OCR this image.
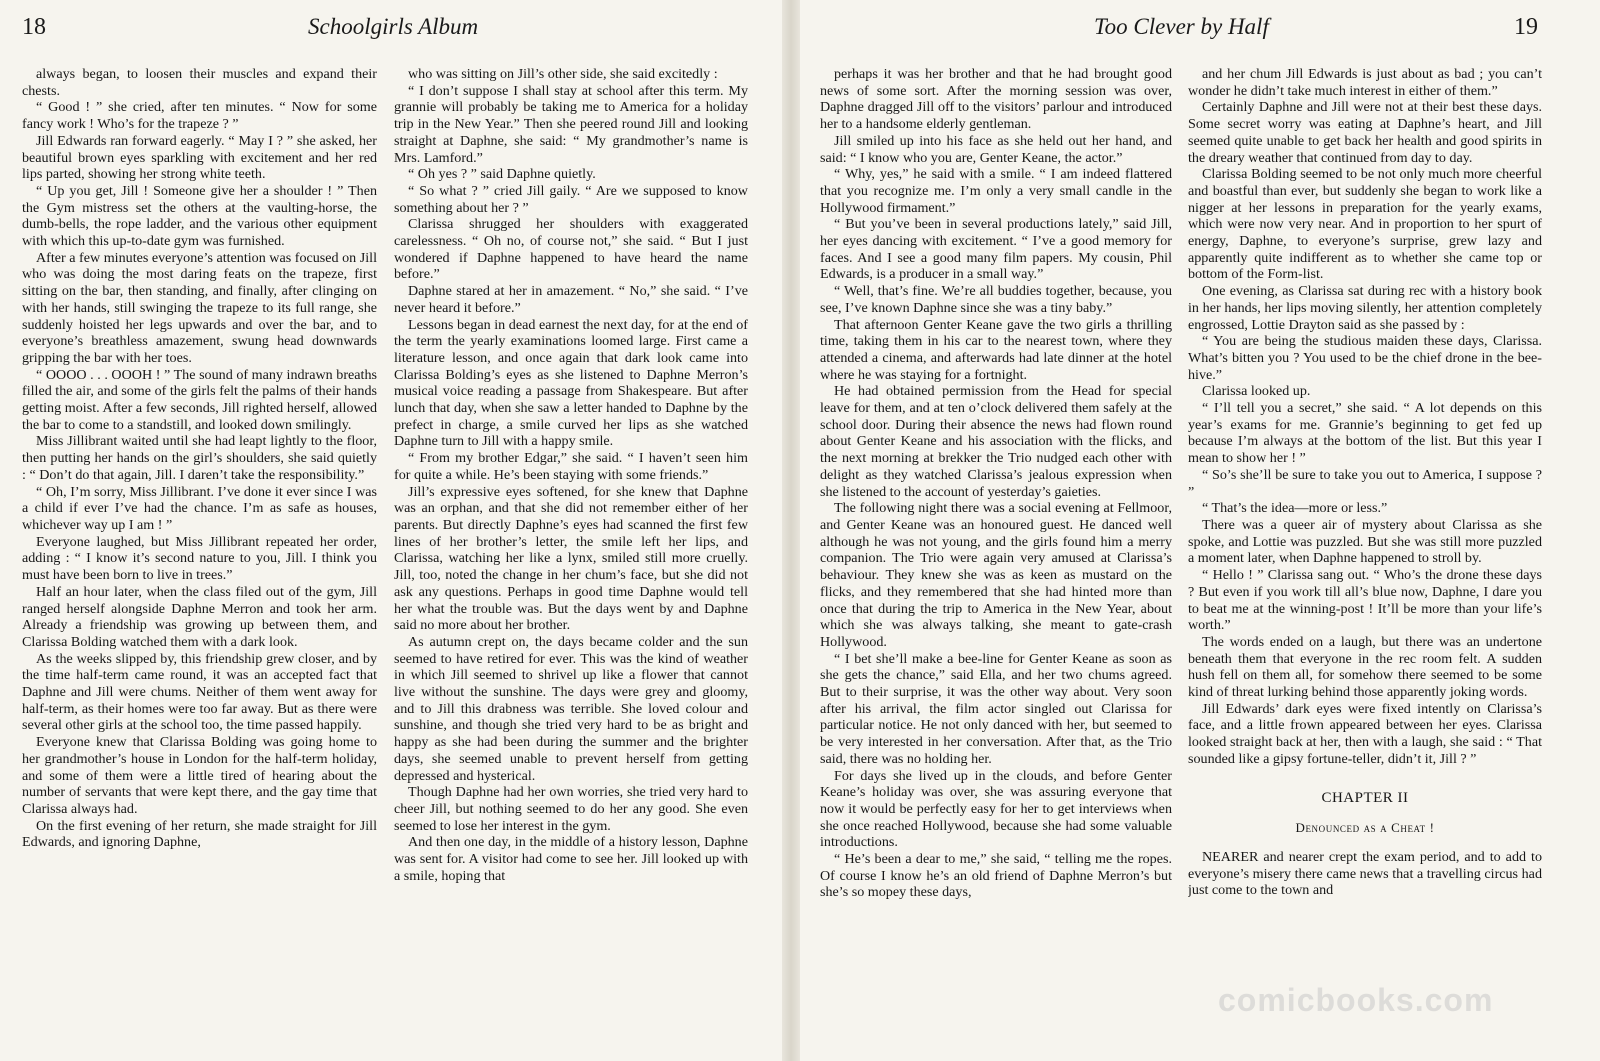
18	Schoolgirls Album

always began, to loosen their muscles and expand their chests.

“ Good ! ” she cried, after ten minutes. “ Now for some fancy work ! Who’s for the trapeze ? ”

Jill Edwards ran forward eagerly. “ May I ? ” she asked, her beautiful brown eyes sparkling with excitement and her red lips parted, showing her strong white teeth.

“ Up you get, Jill ! Someone give her a shoulder ! ” Then the Gym mistress set the others at the vaulting-horse, the dumb-bells, the rope ladder, and the various other equipment with which this up-to-date gym was furnished.

After a few minutes everyone’s attention was focused on Jill who was doing the most daring feats on the trapeze, first sitting on the bar, then standing, and finally, after clinging on with her hands, still swinging the trapeze to its full range, she suddenly hoisted her legs upwards and over the bar, and to everyone’s breathless amazement, swung head downwards gripping the bar with her toes.

“ OOOO . . . OOOH ! ” The sound of many indrawn breaths filled the air, and some of the girls felt the palms of their hands getting moist. After a few seconds, Jill righted herself, allowed the bar to come to a standstill, and looked down smilingly.

Miss Jillibrant waited until she had leapt lightly to the floor, then putting her hands on the girl’s shoulders, she said quietly : “ Don’t do that again, Jill. I daren’t take the responsibility.”

“ Oh, I’m sorry, Miss Jillibrant. I’ve done it ever since I was a child if ever I’ve had the chance. I’m as safe as houses, whichever way up I am ! ”

Everyone laughed, but Miss Jillibrant repeated her order, adding : “ I know it’s second nature to you, Jill. I think you must have been born to live in trees.”

Half an hour later, when the class filed out of the gym, Jill ranged herself alongside Daphne Merron and took her arm. Already a friendship was growing up between them, and Clarissa Bolding watched them with a dark look.

As the weeks slipped by, this friendship grew closer, and by the time half-term came round, it was an accepted fact that Daphne and Jill were chums. Neither of them went away for half-term, as their homes were too far away. But as there were several other girls at the school too, the time passed happily.

Everyone knew that Clarissa Bolding was going home to her grandmother’s house in London for the half-term holiday, and some of them were a little tired of hearing about the number of servants that were kept there, and the gay time that Clarissa always had.

On the first evening of her return, she made straight for Jill Edwards, and ignoring Daphne,

who was sitting on Jill’s other side, she said excitedly :

“ I don’t suppose I shall stay at school after this term. My grannie will probably be taking me to America for a holiday trip in the New Year.” Then she peered round Jill and looking straight at Daphne, she said: “ My grandmother’s name is Mrs. Lamford.”

“ Oh yes ? ” said Daphne quietly.

“ So what ? ” cried Jill gaily. “ Are we supposed to know something about her ? ”

Clarissa shrugged her shoulders with exaggerated carelessness. “ Oh no, of course not,” she said. “ But I just wondered if Daphne happened to have heard the name before.”

Daphne stared at her in amazement. “ No,” she said. “ I’ve never heard it before.”

Lessons began in dead earnest the next day, for at the end of the term the yearly examinations loomed large. First came a literature lesson, and once again that dark look came into Clarissa Bolding’s eyes as she listened to Daphne Merron’s musical voice reading a passage from Shakespeare. But after lunch that day, when she saw a letter handed to Daphne by the prefect in charge, a smile curved her lips as she watched Daphne turn to Jill with a happy smile.

“ From my brother Edgar,” she said. “ I haven’t seen him for quite a while. He’s been staying with some friends.”

Jill’s expressive eyes softened, for she knew that Daphne was an orphan, and that she did not remember either of her parents. But directly Daphne’s eyes had scanned the first few lines of her brother’s letter, the smile left her lips, and Clarissa, watching her like a lynx, smiled still more cruelly. Jill, too, noted the change in her chum’s face, but she did not ask any questions. Perhaps in good time Daphne would tell her what the trouble was. But the days went by and Daphne said no more about her brother.

As autumn crept on, the days became colder and the sun seemed to have retired for ever. This was the kind of weather in which Jill seemed to shrivel up like a flower that cannot live without the sunshine. The days were grey and gloomy, and to Jill this drabness was terrible. She loved colour and sunshine, and though she tried very hard to be as bright and happy as she had been during the summer and the brighter days, she seemed unable to prevent herself from getting depressed and hysterical.

Though Daphne had her own worries, she tried very hard to cheer Jill, but nothing seemed to do her any good. She even seemed to lose her interest in the gym.

And then one day, in the middle of a history lesson, Daphne was sent for. A visitor had come to see her. Jill looked up with a smile, hoping that

Too Clever by Half	19

perhaps it was her brother and that he had brought good news of some sort. After the morning session was over, Daphne dragged Jill off to the visitors’ parlour and introduced her to a handsome elderly gentleman.

Jill smiled up into his face as she held out her hand, and said: “ I know who you are, Genter Keane, the actor.”

“ Why, yes,” he said with a smile. “ I am indeed flattered that you recognize me. I’m only a very small candle in the Hollywood firmament.”

“ But you’ve been in several productions lately,” said Jill, her eyes dancing with excitement. “ I’ve a good memory for faces. And I see a good many film papers. My cousin, Phil Edwards, is a producer in a small way.”

“ Well, that’s fine. We’re all buddies together, because, you see, I’ve known Daphne since she was a tiny baby.”

That afternoon Genter Keane gave the two girls a thrilling time, taking them in his car to the nearest town, where they attended a cinema, and afterwards had late dinner at the hotel where he was staying for a fortnight.

He had obtained permission from the Head for special leave for them, and at ten o’clock delivered them safely at the school door. During their absence the news had flown round about Genter Keane and his association with the flicks, and the next morning at brekker the Trio nudged each other with delight as they watched Clarissa’s jealous expression when she listened to the account of yesterday’s gaieties.

The following night there was a social evening at Fellmoor, and Genter Keane was an honoured guest. He danced well although he was not young, and the girls found him a merry companion. The Trio were again very amused at Clarissa’s behaviour. They knew she was as keen as mustard on the flicks, and they remembered that she had hinted more than once that during the trip to America in the New Year, about which she was always talking, she meant to gate-crash Hollywood.

“ I bet she’ll make a bee-line for Genter Keane as soon as she gets the chance,” said Ella, and her two chums agreed. But to their surprise, it was the other way about. Very soon after his arrival, the film actor singled out Clarissa for particular notice. He not only danced with her, but seemed to be very interested in her conversation. After that, as the Trio said, there was no holding her.

For days she lived up in the clouds, and before Genter Keane’s holiday was over, she was assuring everyone that now it would be perfectly easy for her to get interviews when she once reached Hollywood, because she had some valuable introductions.

“ He’s been a dear to me,” she said, “ telling me the ropes. Of course I know he’s an old friend of Daphne Merron’s but she’s so mopey these days,

and her chum Jill Edwards is just about as bad ; you can’t wonder he didn’t take much interest in either of them.”

Certainly Daphne and Jill were not at their best these days. Some secret worry was eating at Daphne’s heart, and Jill seemed quite unable to get back her health and good spirits in the dreary weather that continued from day to day.

Clarissa Bolding seemed to be not only much more cheerful and boastful than ever, but suddenly she began to work like a nigger at her lessons in preparation for the yearly exams, which were now very near. And in proportion to her spurt of energy, Daphne, to everyone’s surprise, grew lazy and apparently quite indifferent as to whether she came top or bottom of the Form-list.

One evening, as Clarissa sat during rec with a history book in her hands, her lips moving silently, her attention completely engrossed, Lottie Drayton said as she passed by :

“ You are being the studious maiden these days, Clarissa. What’s bitten you ? You used to be the chief drone in the bee-hive.”

Clarissa looked up.

“ I’ll tell you a secret,” she said. “ A lot depends on this year’s exams for me. Grannie’s beginning to get fed up because I’m always at the bottom of the list. But this year I mean to show her ! ”

“ So’s she’ll be sure to take you out to America, I suppose ? ”

“ That’s the idea—more or less.”

There was a queer air of mystery about Clarissa as she spoke, and Lottie was puzzled. But she was still more puzzled a moment later, when Daphne happened to stroll by.

“ Hello ! ” Clarissa sang out. “ Who’s the drone these days ? But even if you work till all’s blue now, Daphne, I dare you to beat me at the winning-post ! It’ll be more than your life’s worth.”

The words ended on a laugh, but there was an undertone beneath them that everyone in the rec room felt. A sudden hush fell on them all, for somehow there seemed to be some kind of threat lurking behind those apparently joking words.

Jill Edwards’ dark eyes were fixed intently on Clarissa’s face, and a little frown appeared between her eyes. Clarissa looked straight back at her, then with a laugh, she said : “ That sounded like a gipsy fortune-teller, didn’t it, Jill ? ”

CHAPTER II

Denounced as a Cheat !

NEARER and nearer crept the exam period, and to add to everyone’s misery there came news that a travelling circus had just come to the town and

comicbooks.com
